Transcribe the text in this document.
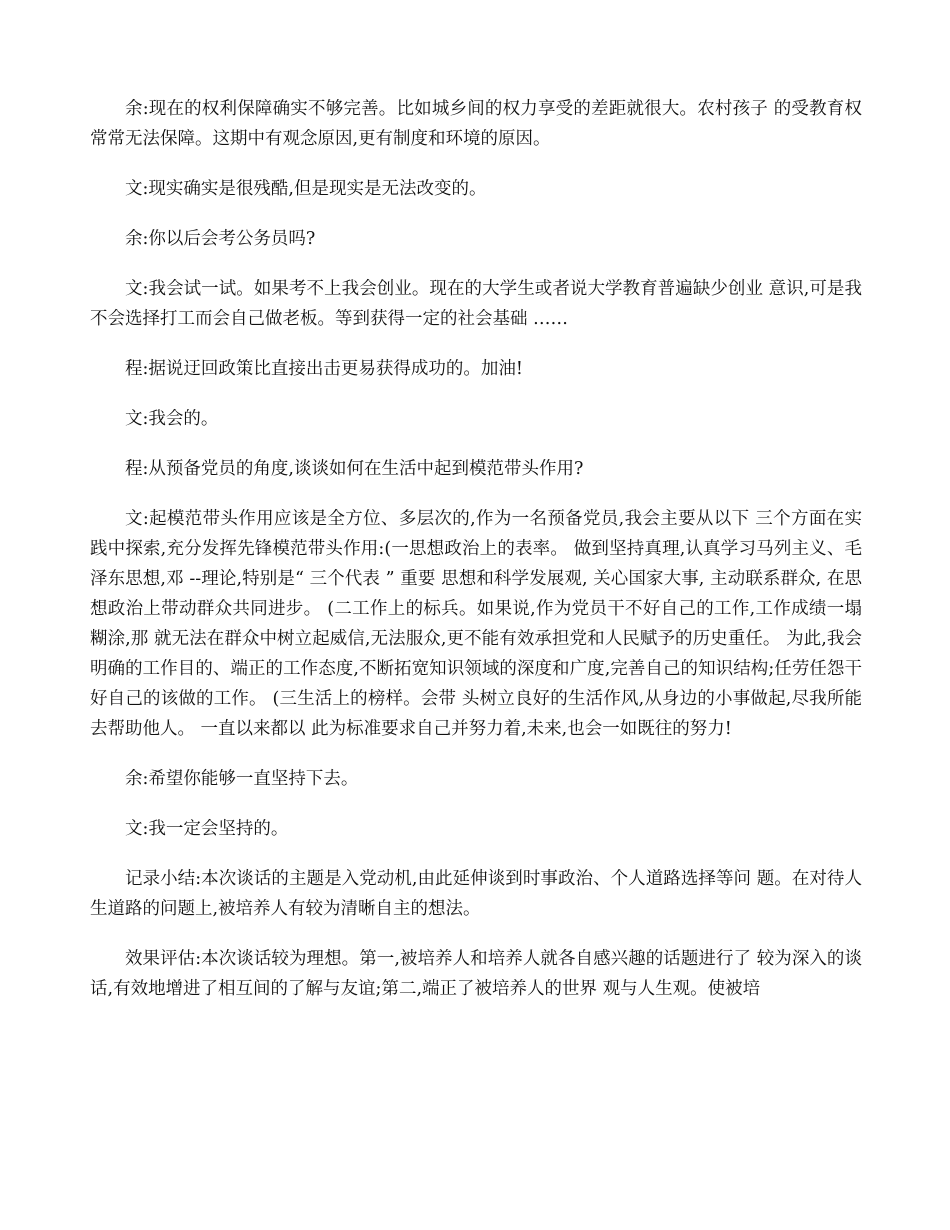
余:现在的权利保障确实不够完善。比如城乡间的权力享受的差距就很大。农村孩子 的受教育权常常无法保障。这期中有观念原因,更有制度和环境的原因。

文:现实确实是很残酷,但是现实是无法改变的。

余:你以后会考公务员吗?

文:我会试一试。如果考不上我会创业。现在的大学生或者说大学教育普遍缺少创业 意识,可是我不会选择打工而会自己做老板。等到获得一定的社会基础 ……

程:据说迂回政策比直接出击更易获得成功的。加油!

文:我会的。

程:从预备党员的角度,谈谈如何在生活中起到模范带头作用?

文:起模范带头作用应该是全方位、多层次的,作为一名预备党员,我会主要从以下 三个方面在实践中探索,充分发挥先锋模范带头作用:(一思想政治上的表率。 做到坚持真理,认真学习马列主义、毛泽东思想,邓 --理论,特别是“ 三个代表 ” 重要 思想和科学发展观, 关心国家大事, 主动联系群众, 在思想政治上带动群众共同进步。 (二工作上的标兵。如果说,作为党员干不好自己的工作,工作成绩一塌糊涂,那 就无法在群众中树立起威信,无法服众,更不能有效承担党和人民赋予的历史重任。 为此,我会明确的工作目的、端正的工作态度,不断拓宽知识领域的深度和广度,完善自己的知识结构;任劳任怨干好自己的该做的工作。 (三生活上的榜样。会带 头树立良好的生活作风,从身边的小事做起,尽我所能去帮助他人。 一直以来都以 此为标准要求自己并努力着,未来,也会一如既往的努力!

余:希望你能够一直坚持下去。

文:我一定会坚持的。

记录小结:本次谈话的主题是入党动机,由此延伸谈到时事政治、个人道路选择等问 题。在对待人生道路的问题上,被培养人有较为清晰自主的想法。

效果评估:本次谈话较为理想。第一,被培养人和培养人就各自感兴趣的话题进行了 较为深入的谈话,有效地增进了相互间的了解与友谊;第二,端正了被培养人的世界 观与人生观。使被培
